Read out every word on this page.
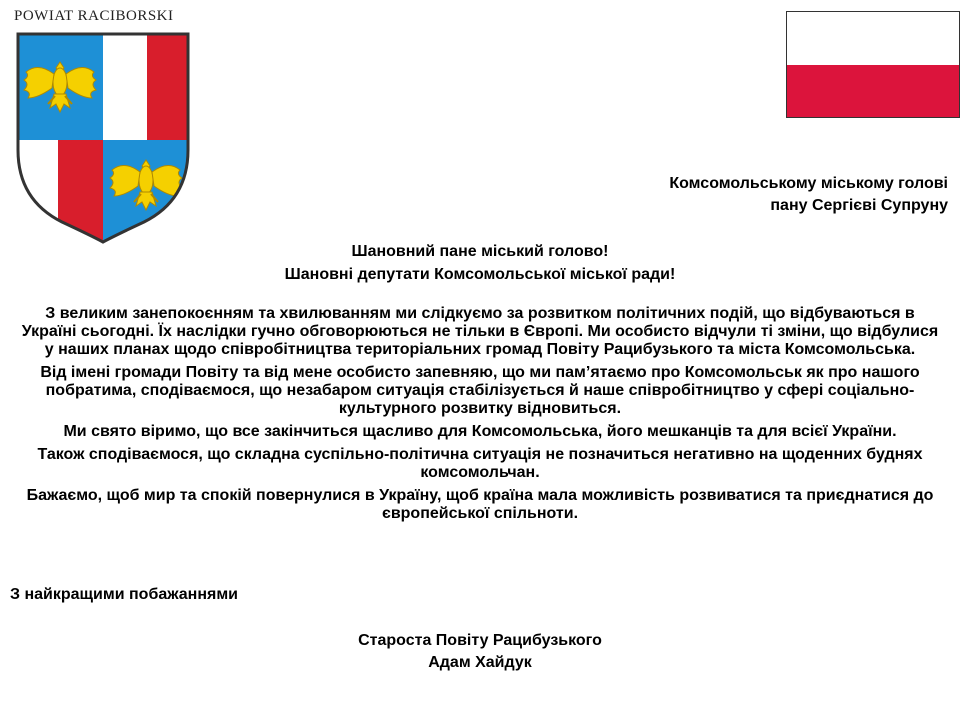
POWIAT RACIBORSKI
Комсомольському міському голові
пану Сергієві Супруну
Шановний пане міський голово!
Шановні депутати Комсомольської міської ради!

З великим занепокоєнням та хвилюванням ми слідкуємо за розвитком політичних подій, що відбуваються в Україні сьогодні. Їх наслідки гучно обговорюються не тільки в Європі. Ми особисто відчули ті зміни, що відбулися у наших планах щодо співробітництва територіальних громад Повіту Рацибузького та міста Комсомольська.

Від імені громади Повіту та від мене особисто запевняю, що ми пам’ятаємо про Комсомольськ як про нашого побратима, сподіваємося, що незабаром ситуація стабілізується й наше співробітництво у сфері соціально-культурного розвитку відновиться.

Ми свято віримо, що все закінчиться щасливо для Комсомольська, його мешканців та для всієї України.

Також сподіваємося, що складна суспільно-політична ситуація не позначиться негативно на щоденних буднях комсомольчан.

Бажаємо, щоб мир та спокій повернулися в Україну, щоб країна мала можливість розвиватися та приєднатися до європейської спільноти.

З найкращими побажаннями
Староста Повіту Рацибузького
Адам Хайдук
